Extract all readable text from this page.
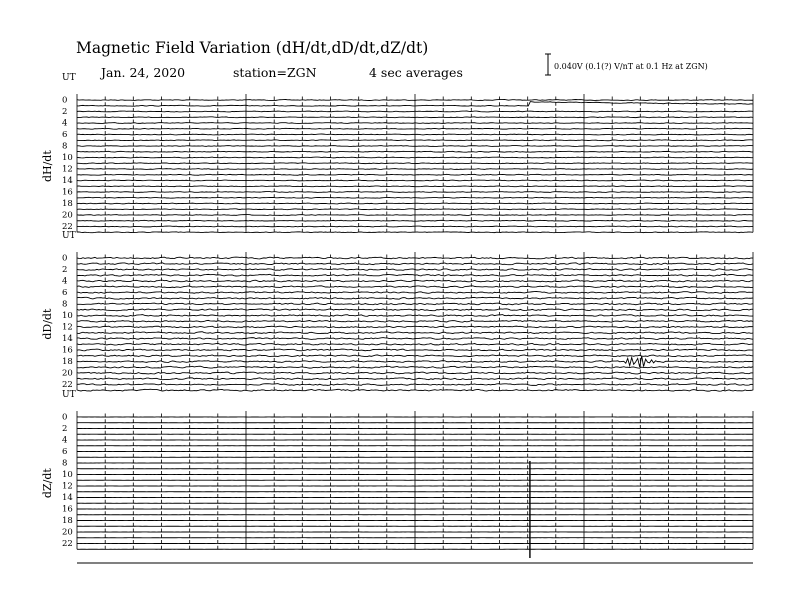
Magnetic Field Variation (dH/dt,dD/dt,dZ/dt)
Jan. 24, 2020	station=ZGN	4 sec averages	0.040V (0.1(?) V/nT at 0.1 Hz at ZGN)
UT
dH/dt
0
2
4
6
8
10
12
14
16
18
20
22
UT
dD/dt
0
2
4
6
8
10
12
14
16
18
20
22
UT
dZ/dt
0
2
4
6
8
10
12
14
16
18
20
22
